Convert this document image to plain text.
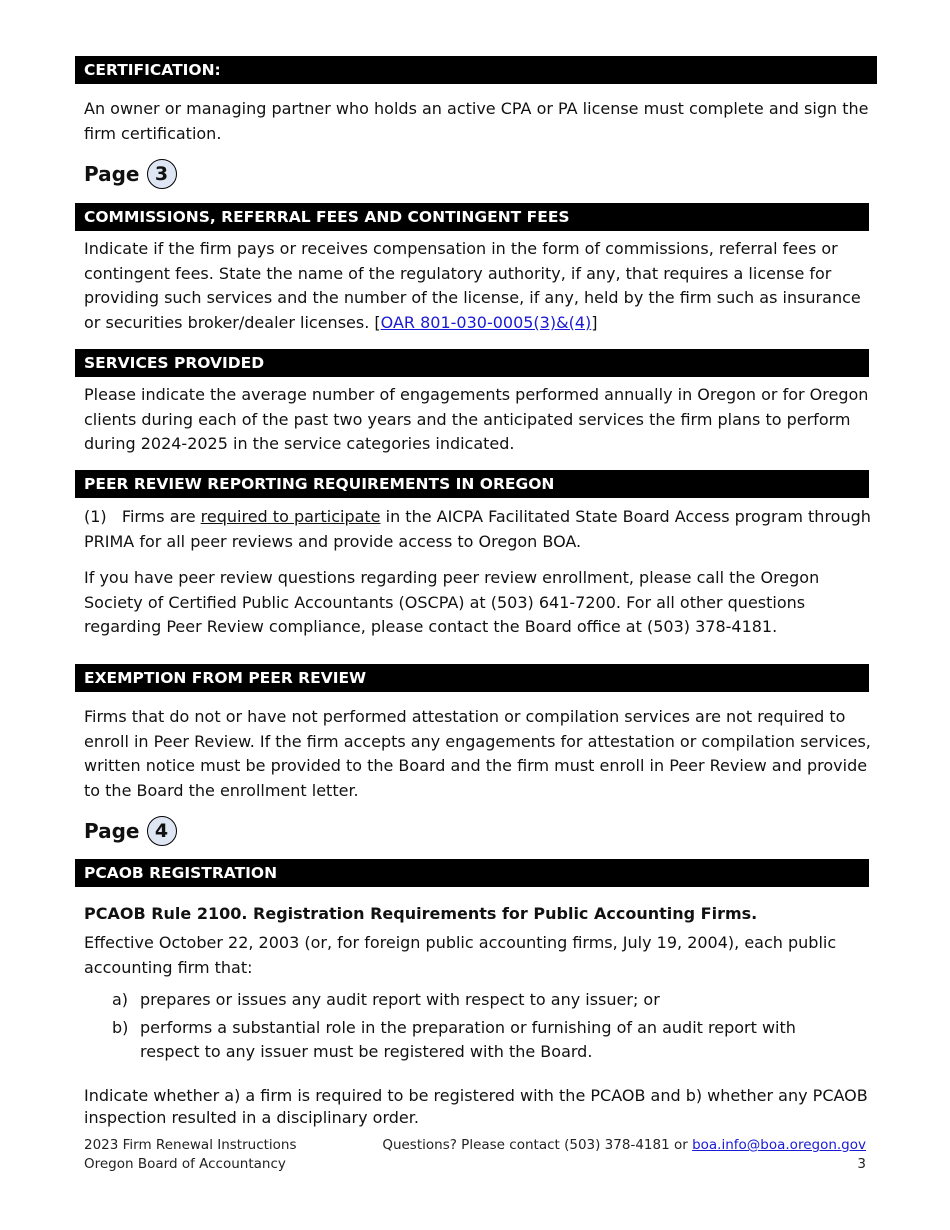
CERTIFICATION:

An owner or managing partner who holds an active CPA or PA license must complete and sign the firm certification.

Page 3
COMMISSIONS, REFERRAL FEES AND CONTINGENT FEES

Indicate if the firm pays or receives compensation in the form of commissions, referral fees or contingent fees. State the name of the regulatory authority, if any, that requires a license for providing such services and the number of the license, if any, held by the firm such as insurance or securities broker/dealer licenses. [OAR 801-030-0005(3)&(4)]

SERVICES PROVIDED

Please indicate the average number of engagements performed annually in Oregon or for Oregon clients during each of the past two years and the anticipated services the firm plans to perform during 2024-2025 in the service categories indicated.

PEER REVIEW REPORTING REQUIREMENTS IN OREGON

(1)   Firms are required to participate in the AICPA Facilitated State Board Access program through PRIMA for all peer reviews and provide access to Oregon BOA.

If you have peer review questions regarding peer review enrollment, please call the Oregon Society of Certified Public Accountants (OSCPA) at (503) 641-7200. For all other questions regarding Peer Review compliance, please contact the Board office at (503) 378-4181.

EXEMPTION FROM PEER REVIEW

Firms that do not or have not performed attestation or compilation services are not required to enroll in Peer Review. If the firm accepts any engagements for attestation or compilation services, written notice must be provided to the Board and the firm must enroll in Peer Review and provide to the Board the enrollment letter.

Page 4
PCAOB REGISTRATION

PCAOB Rule 2100. Registration Requirements for Public Accounting Firms.

Effective October 22, 2003 (or, for foreign public accounting firms, July 19, 2004), each public accounting firm that:

a) prepares or issues any audit report with respect to any issuer; or
b) performs a substantial role in the preparation or furnishing of an audit report with respect to any issuer must be registered with the Board.

Indicate whether a) a firm is required to be registered with the PCAOB and b) whether any PCAOB inspection resulted in a disciplinary order.

2023 Firm Renewal Instructions
Oregon Board of Accountancy
Questions? Please contact (503) 378-4181 or boa.info@boa.oregon.gov
3
